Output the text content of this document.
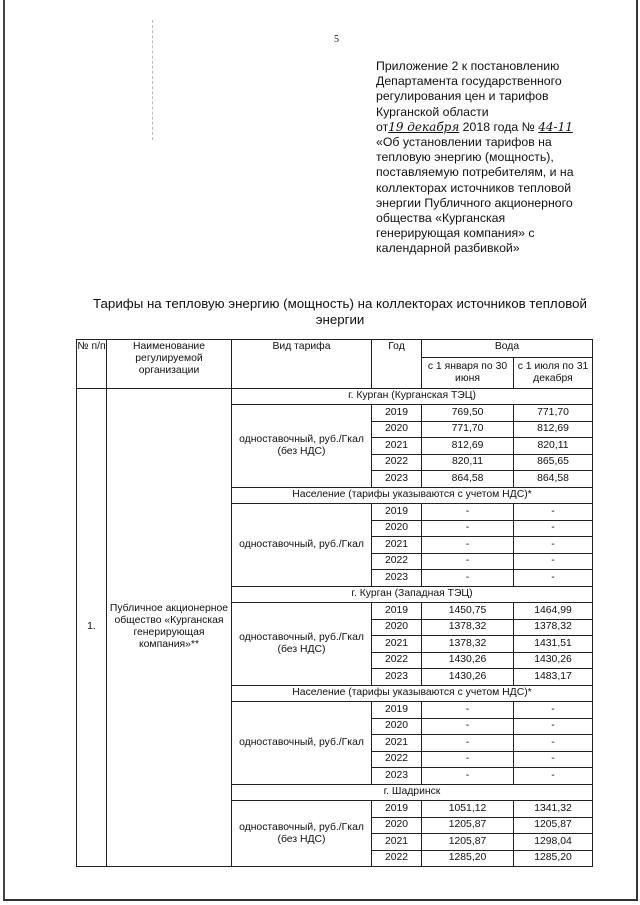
5
Приложение 2 к постановлению
Департамента государственного
регулирования цен и тарифов
Курганской области
от19 декабря 2018 года № 44-11
«Об установлении тарифов на
тепловую энергию (мощность),
поставляемую потребителям, и на
коллекторах источников тепловой
энергии Публичного акционерного
общества «Курганская
генерирующая компания» с
календарной разбивкой»
Тарифы на тепловую энергию (мощность) на коллекторах источников тепловой
энергии
№ п/п	Наименование регулируемой организации	Вид тарифа	Год	Вода	
				с 1 января по 30 июня	с 1 июля по 31 декабря
1.	Публичное акционерное общество «Курганская генерирующая компания»**	г. Курган (Курганская ТЭЦ)			
		одноставочный, руб./Гкал (без НДС)	2019	769,50	771,70
			2020	771,70	812,69
			2021	812,69	820,11
			2022	820,11	865,65
			2023	864,58	864,58
		Население (тарифы указываются с учетом НДС)*			
		одноставочный, руб./Гкал	2019	-	-
			2020	-	-
			2021	-	-
			2022	-	-
			2023	-	-
		г. Курган (Западная ТЭЦ)			
		одноставочный, руб./Гкал (без НДС)	2019	1450,75	1464,99
			2020	1378,32	1378,32
			2021	1378,32	1431,51
			2022	1430,26	1430,26
			2023	1430,26	1483,17
		Население (тарифы указываются с учетом НДС)*			
		одноставочный, руб./Гкал	2019	-	-
			2020	-	-
			2021	-	-
			2022	-	-
			2023	-	-
		г. Шадринск			
		одноставочный, руб./Гкал (без НДС)	2019	1051,12	1341,32
			2020	1205,87	1205,87
			2021	1205,87	1298,04
			2022	1285,20	1285,20
